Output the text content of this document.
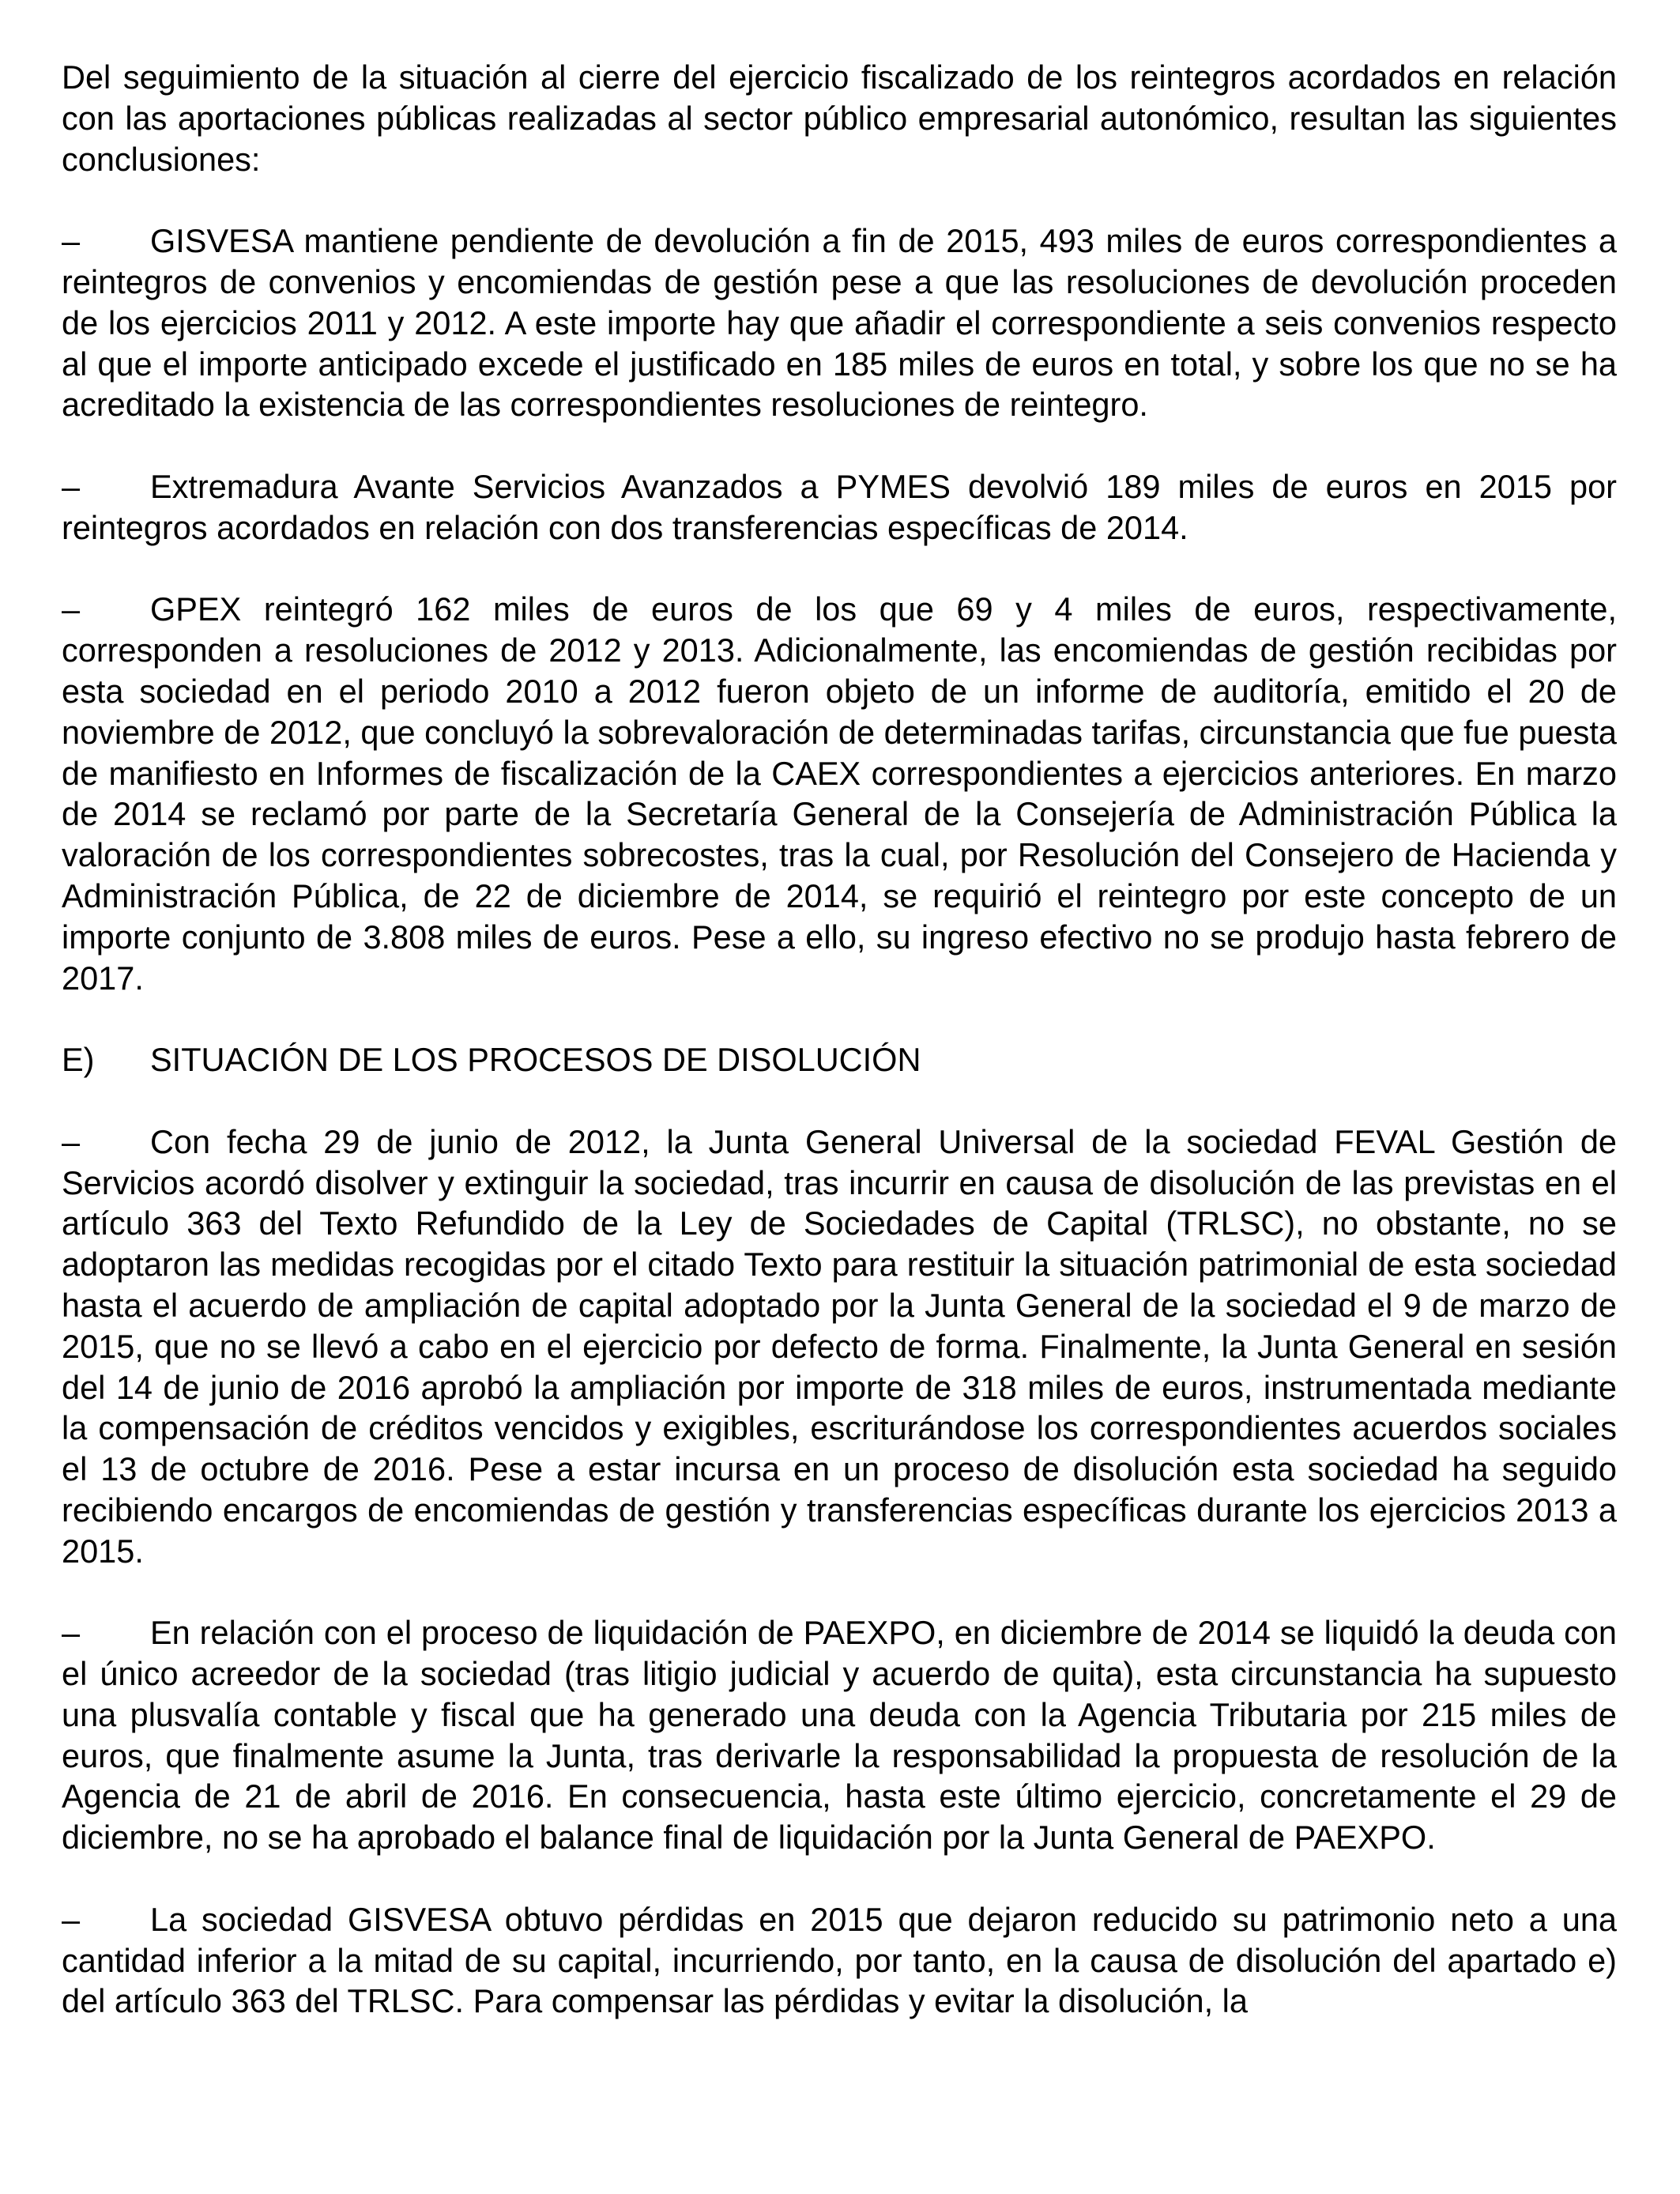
Del seguimiento de la situación al cierre del ejercicio fiscalizado de los reintegros acordados en relación con las aportaciones públicas realizadas al sector público empresarial autonómico, resultan las siguientes conclusiones:

– GISVESA mantiene pendiente de devolución a fin de 2015, 493 miles de euros correspondientes a reintegros de convenios y encomiendas de gestión pese a que las resoluciones de devolución proceden de los ejercicios 2011 y 2012. A este importe hay que añadir el correspondiente a seis convenios respecto al que el importe anticipado excede el justificado en 185 miles de euros en total, y sobre los que no se ha acreditado la existencia de las correspondientes resoluciones de reintegro.

– Extremadura Avante Servicios Avanzados a PYMES devolvió 189 miles de euros en 2015 por reintegros acordados en relación con dos transferencias específicas de 2014.

– GPEX reintegró 162 miles de euros de los que 69 y 4 miles de euros, respectivamente, corresponden a resoluciones de 2012 y 2013. Adicionalmente, las encomiendas de gestión recibidas por esta sociedad en el periodo 2010 a 2012 fueron objeto de un informe de auditoría, emitido el 20 de noviembre de 2012, que concluyó la sobrevaloración de determinadas tarifas, circunstancia que fue puesta de manifiesto en Informes de fiscalización de la CAEX correspondientes a ejercicios anteriores. En marzo de 2014 se reclamó por parte de la Secretaría General de la Consejería de Administración Pública la valoración de los correspondientes sobrecostes, tras la cual, por Resolución del Consejero de Hacienda y Administración Pública, de 22 de diciembre de 2014, se requirió el reintegro por este concepto de un importe conjunto de 3.808 miles de euros. Pese a ello, su ingreso efectivo no se produjo hasta febrero de 2017.

E) SITUACIÓN DE LOS PROCESOS DE DISOLUCIÓN

– Con fecha 29 de junio de 2012, la Junta General Universal de la sociedad FEVAL Gestión de Servicios acordó disolver y extinguir la sociedad, tras incurrir en causa de disolución de las previstas en el artículo 363 del Texto Refundido de la Ley de Sociedades de Capital (TRLSC), no obstante, no se adoptaron las medidas recogidas por el citado Texto para restituir la situación patrimonial de esta sociedad hasta el acuerdo de ampliación de capital adoptado por la Junta General de la sociedad el 9 de marzo de 2015, que no se llevó a cabo en el ejercicio por defecto de forma. Finalmente, la Junta General en sesión del 14 de junio de 2016 aprobó la ampliación por importe de 318 miles de euros, instrumentada mediante la compensación de créditos vencidos y exigibles, escriturándose los correspondientes acuerdos sociales el 13 de octubre de 2016. Pese a estar incursa en un proceso de disolución esta sociedad ha seguido recibiendo encargos de encomiendas de gestión y transferencias específicas durante los ejercicios 2013 a 2015.

– En relación con el proceso de liquidación de PAEXPO, en diciembre de 2014 se liquidó la deuda con el único acreedor de la sociedad (tras litigio judicial y acuerdo de quita), esta circunstancia ha supuesto una plusvalía contable y fiscal que ha generado una deuda con la Agencia Tributaria por 215 miles de euros, que finalmente asume la Junta, tras derivarle la responsabilidad la propuesta de resolución de la Agencia de 21 de abril de 2016. En consecuencia, hasta este último ejercicio, concretamente el 29 de diciembre, no se ha aprobado el balance final de liquidación por la Junta General de PAEXPO.

– La sociedad GISVESA obtuvo pérdidas en 2015 que dejaron reducido su patrimonio neto a una cantidad inferior a la mitad de su capital, incurriendo, por tanto, en la causa de disolución del apartado e) del artículo 363 del TRLSC. Para compensar las pérdidas y evitar la disolución, la
